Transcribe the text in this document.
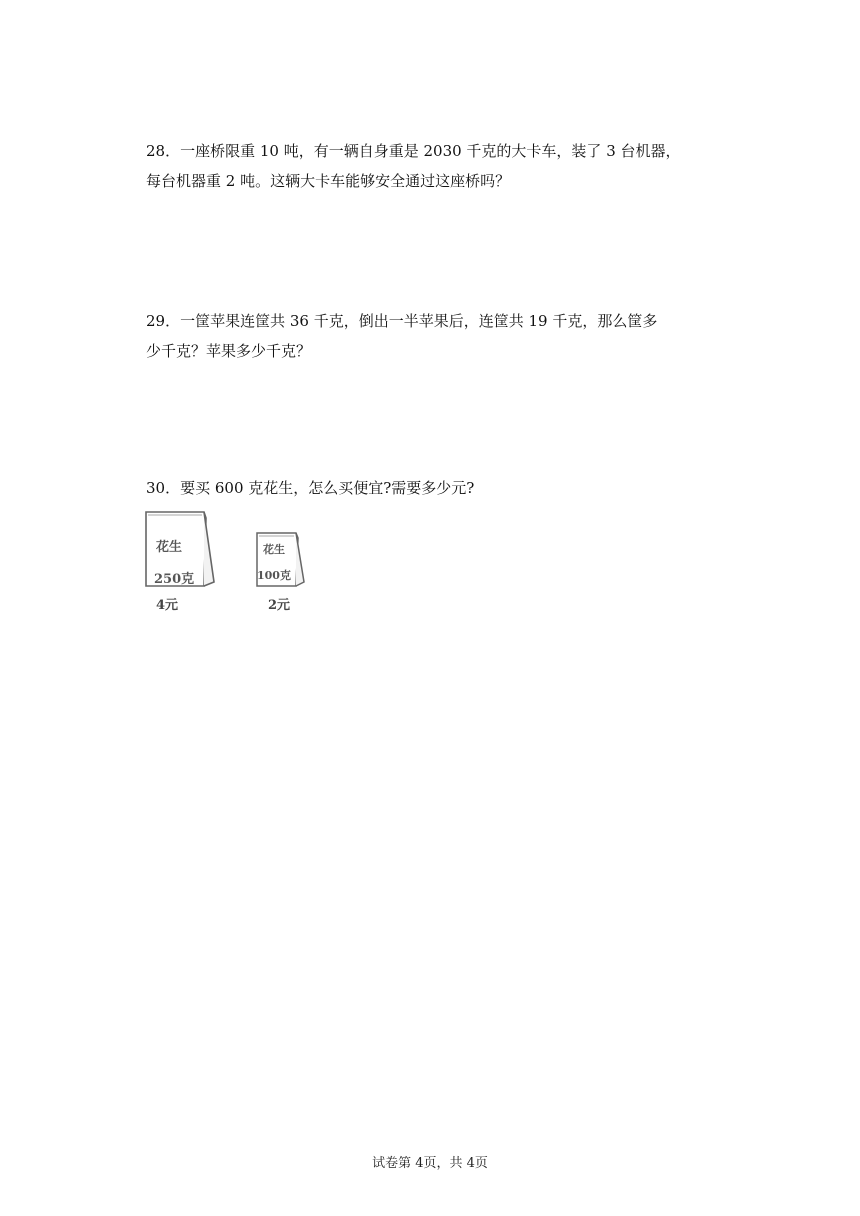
28．一座桥限重 10 吨，有一辆自身重是 2030 千克的大卡车，装了 3 台机器，
每台机器重 2 吨。这辆大卡车能够安全通过这座桥吗？
29．一筐苹果连筐共 36 千克，倒出一半苹果后，连筐共 19 千克，那么筐多
少千克？苹果多少千克？
30．要买 600 克花生，怎么买便宜?需要多少元?
花生
250克
4元
花生
100克
2元
试卷第 4页，共 4页
